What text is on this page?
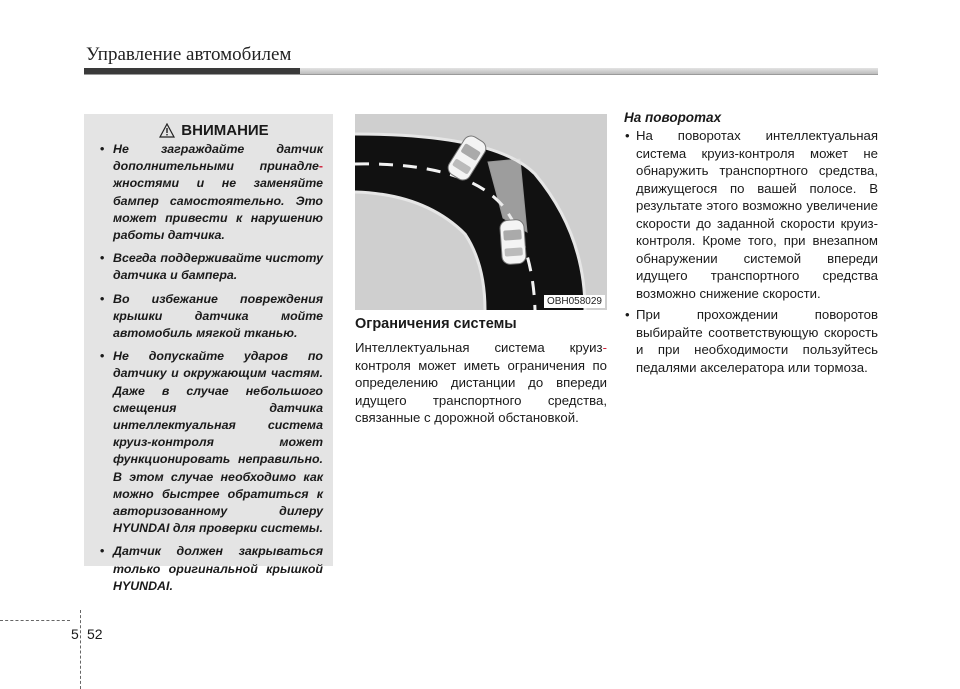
Управление автомобилем
ВНИМАНИЕ
• Не заграждайте датчик дополнительными принадле-жностями и не заменяйте бампер самостоятельно. Это может привести к нарушению работы датчика.
• Всегда поддерживайте чистоту датчика и бампера.
• Во избежание повреждения крышки датчика мойте автомобиль мягкой тканью.
• Не допускайте ударов по датчику и окружающим частям. Даже в случае небольшого смещения датчика интеллектуальная система круиз-контроля может функционировать неправильно. В этом случае необходимо как можно быстрее обратиться к авторизованному дилеру HYUNDAI для проверки системы.
• Датчик должен закрываться только оригинальной крышкой HYUNDAI.
OBH058029
Ограничения системы

Интеллектуальная система круиз-контроля может иметь ограничения по определению дистанции до впереди идущего транспортного средства, связанные с дорожной обстановкой.

На поворотах
• На поворотах интеллектуальная система круиз-контроля может не обнаружить транспортного средства, движущегося по вашей полосе. В результате этого возможно увеличение скорости до заданной скорости круиз-контроля. Кроме того, при внезапном обнаружении системой впереди идущего транспортного средства возможно снижение скорости.
• При прохождении поворотов выбирайте соответствующую скорость и при необходимости пользуйтесь педалями акселератора или тормоза.
5 52
